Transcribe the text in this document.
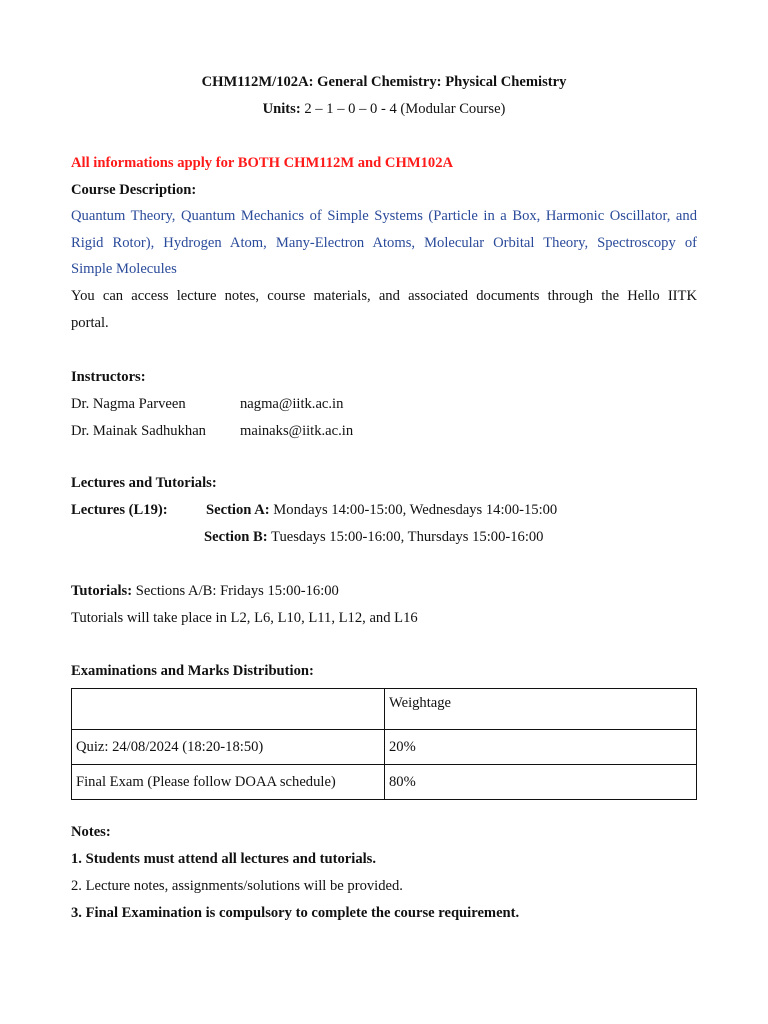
CHM112M/102A: General Chemistry: Physical Chemistry
Units: 2 – 1 – 0 – 0 - 4 (Modular Course)
All informations apply for BOTH CHM112M and CHM102A
Course Description:
Quantum Theory, Quantum Mechanics of Simple Systems (Particle in a Box, Harmonic Oscillator, and
Rigid Rotor), Hydrogen Atom, Many-Electron Atoms, Molecular Orbital Theory, Spectroscopy of
Simple Molecules
You can access lecture notes, course materials, and associated documents through the Hello IITK
portal.
Instructors:
Dr. Nagma Parveen	nagma@iitk.ac.in
Dr. Mainak Sadhukhan mainaks@iitk.ac.in
Lectures and Tutorials:
Lectures (L19):	Section A: Mondays 14:00-15:00, Wednesdays 14:00-15:00
Section B: Tuesdays 15:00-16:00, Thursdays 15:00-16:00
Tutorials: Sections A/B: Fridays 15:00-16:00
Tutorials will take place in L2, L6, L10, L11, L12, and L16
Examinations and Marks Distribution:
	Weightage
Quiz: 24/08/2024 (18:20-18:50)	20%
Final Exam (Please follow DOAA schedule)	80%
Notes:
1. Students must attend all lectures and tutorials.
2. Lecture notes, assignments/solutions will be provided.
3. Final Examination is compulsory to complete the course requirement.
